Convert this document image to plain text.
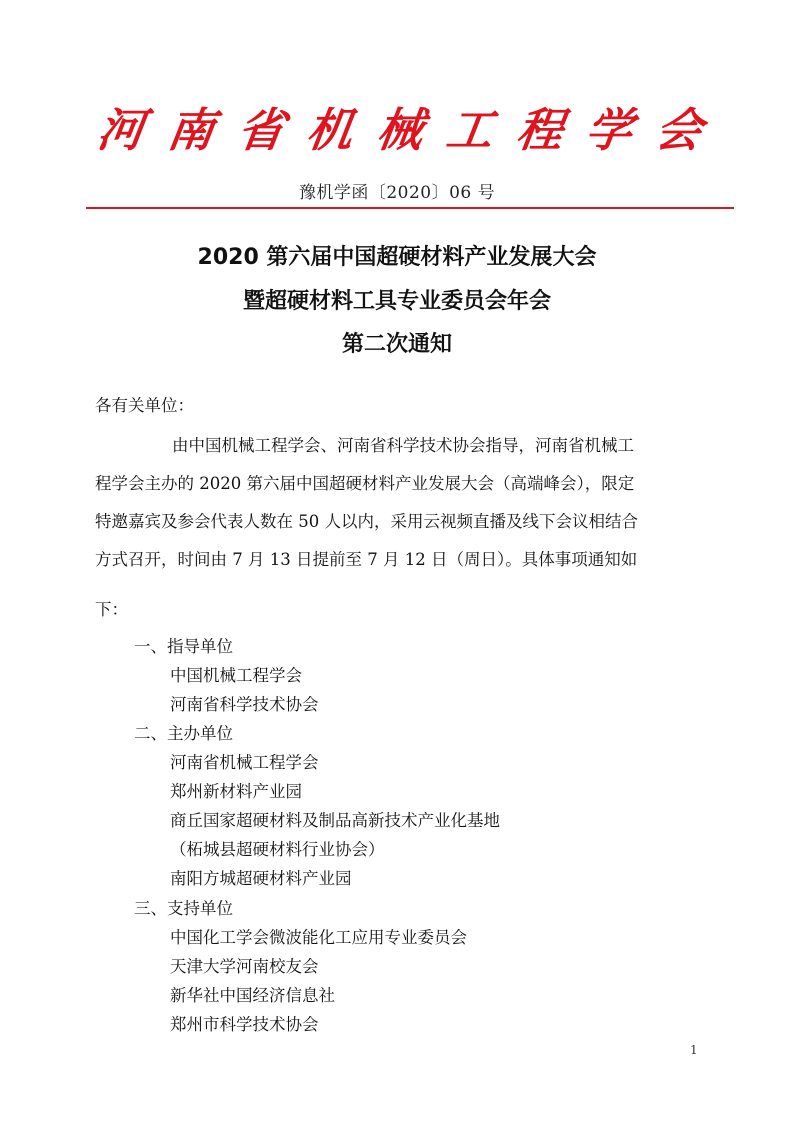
河 南 省 机 械 工 程 学 会
豫机学函〔2020〕06 号
2020 第六届中国超硬材料产业发展大会
暨超硬材料工具专业委员会年会
第二次通知
各有关单位：
由中国机械工程学会、河南省科学技术协会指导，河南省机械工
程学会主办的 2020 第六届中国超硬材料产业发展大会（高端峰会），限定
特邀嘉宾及参会代表人数在 50 人以内，采用云视频直播及线下会议相结合
方式召开，时间由 7 月 13 日提前至 7 月 12 日（周日）。具体事项通知如
下：
一、指导单位
中国机械工程学会
河南省科学技术协会
二、主办单位
河南省机械工程学会
郑州新材料产业园
商丘国家超硬材料及制品高新技术产业化基地
（柘城县超硬材料行业协会）
南阳方城超硬材料产业园
三、支持单位
中国化工学会微波能化工应用专业委员会
天津大学河南校友会
新华社中国经济信息社
郑州市科学技术协会
1
